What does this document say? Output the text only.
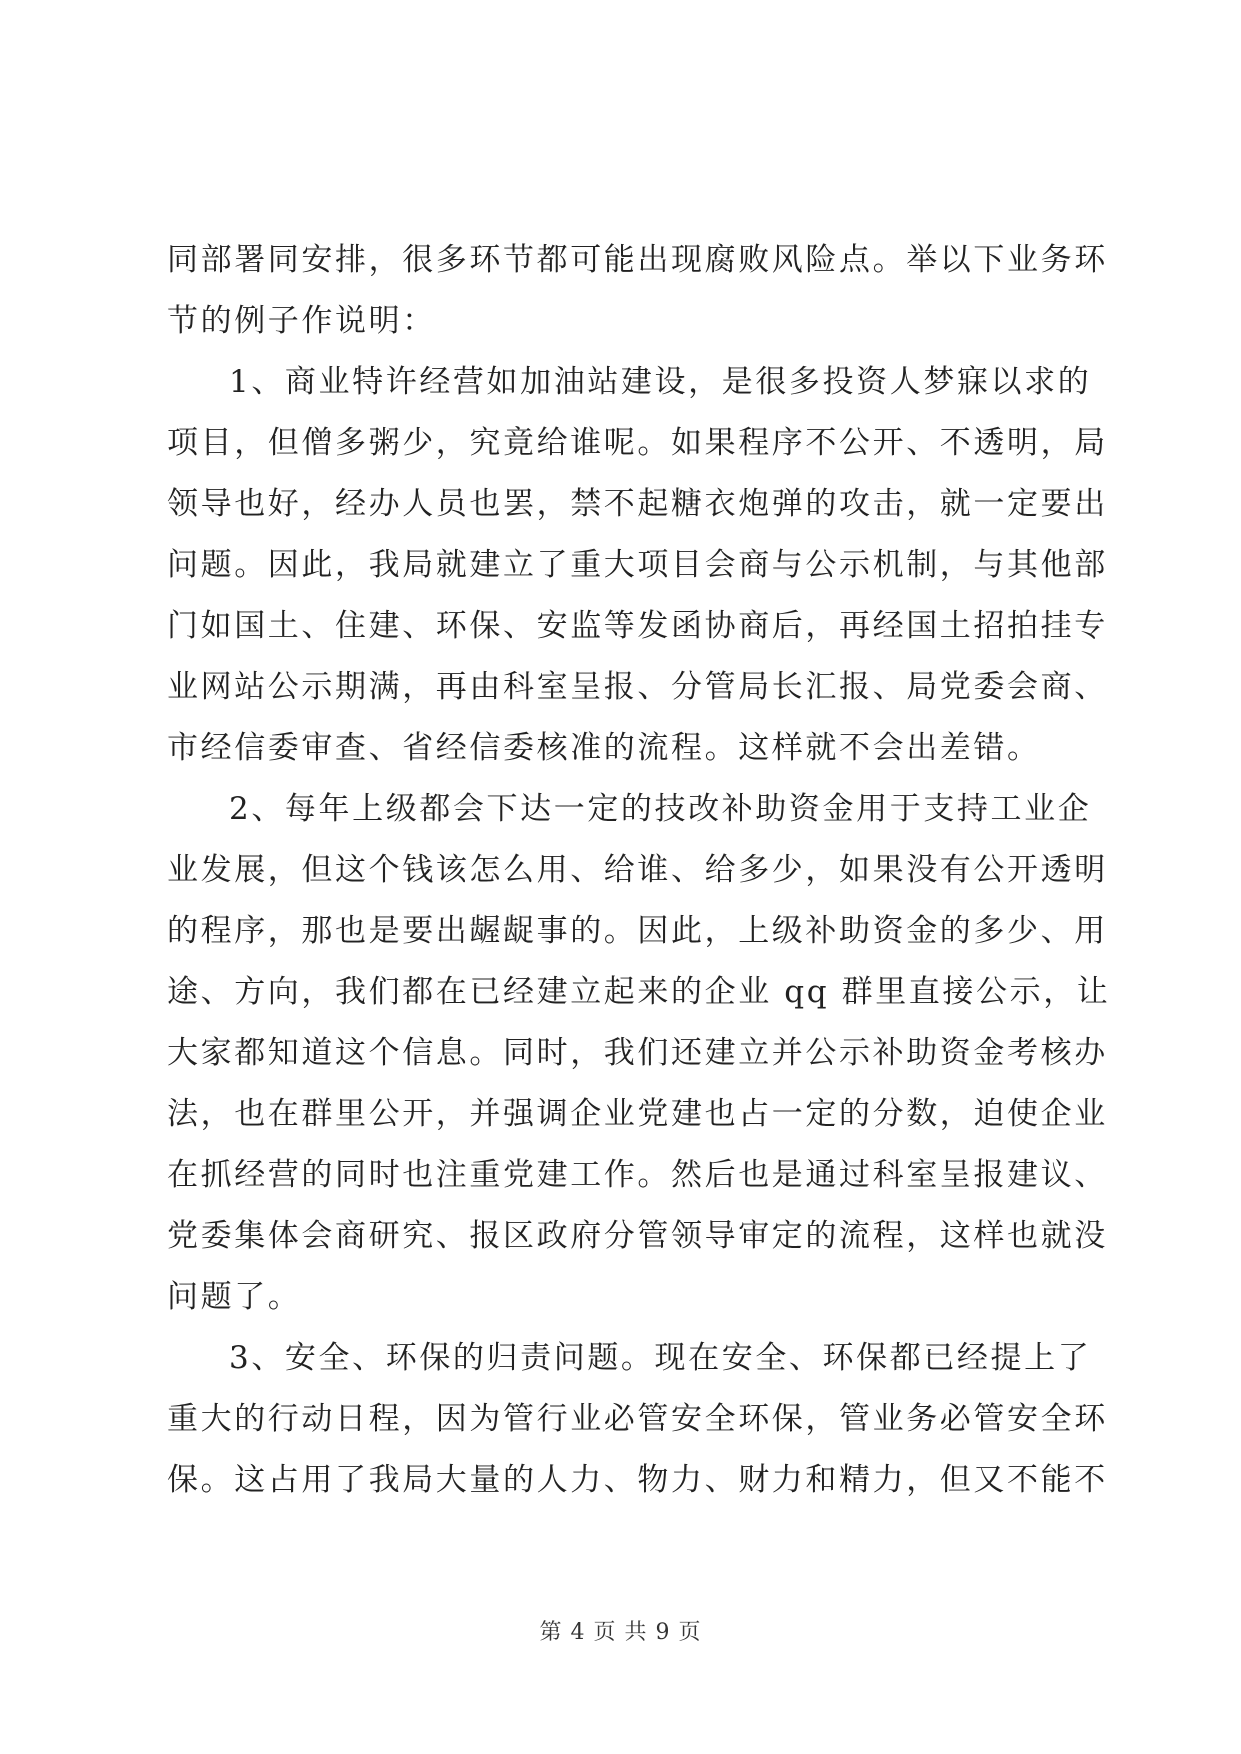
同部署同安排，很多环节都可能出现腐败风险点。举以下业务环
节的例子作说明：
1、商业特许经营如加油站建设，是很多投资人梦寐以求的
项目，但僧多粥少，究竟给谁呢。如果程序不公开、不透明，局
领导也好，经办人员也罢，禁不起糖衣炮弹的攻击，就一定要出
问题。因此，我局就建立了重大项目会商与公示机制，与其他部
门如国土、住建、环保、安监等发函协商后，再经国土招拍挂专
业网站公示期满，再由科室呈报、分管局长汇报、局党委会商、
市经信委审查、省经信委核准的流程。这样就不会出差错。
2、每年上级都会下达一定的技改补助资金用于支持工业企
业发展，但这个钱该怎么用、给谁、给多少，如果没有公开透明
的程序，那也是要出龌龊事的。因此，上级补助资金的多少、用
途、方向，我们都在已经建立起来的企业 qq 群里直接公示，让
大家都知道这个信息。同时，我们还建立并公示补助资金考核办
法，也在群里公开，并强调企业党建也占一定的分数，迫使企业
在抓经营的同时也注重党建工作。然后也是通过科室呈报建议、
党委集体会商研究、报区政府分管领导审定的流程，这样也就没
问题了。
3、安全、环保的归责问题。现在安全、环保都已经提上了
重大的行动日程，因为管行业必管安全环保，管业务必管安全环
保。这占用了我局大量的人力、物力、财力和精力，但又不能不
第 4 页 共 9 页
